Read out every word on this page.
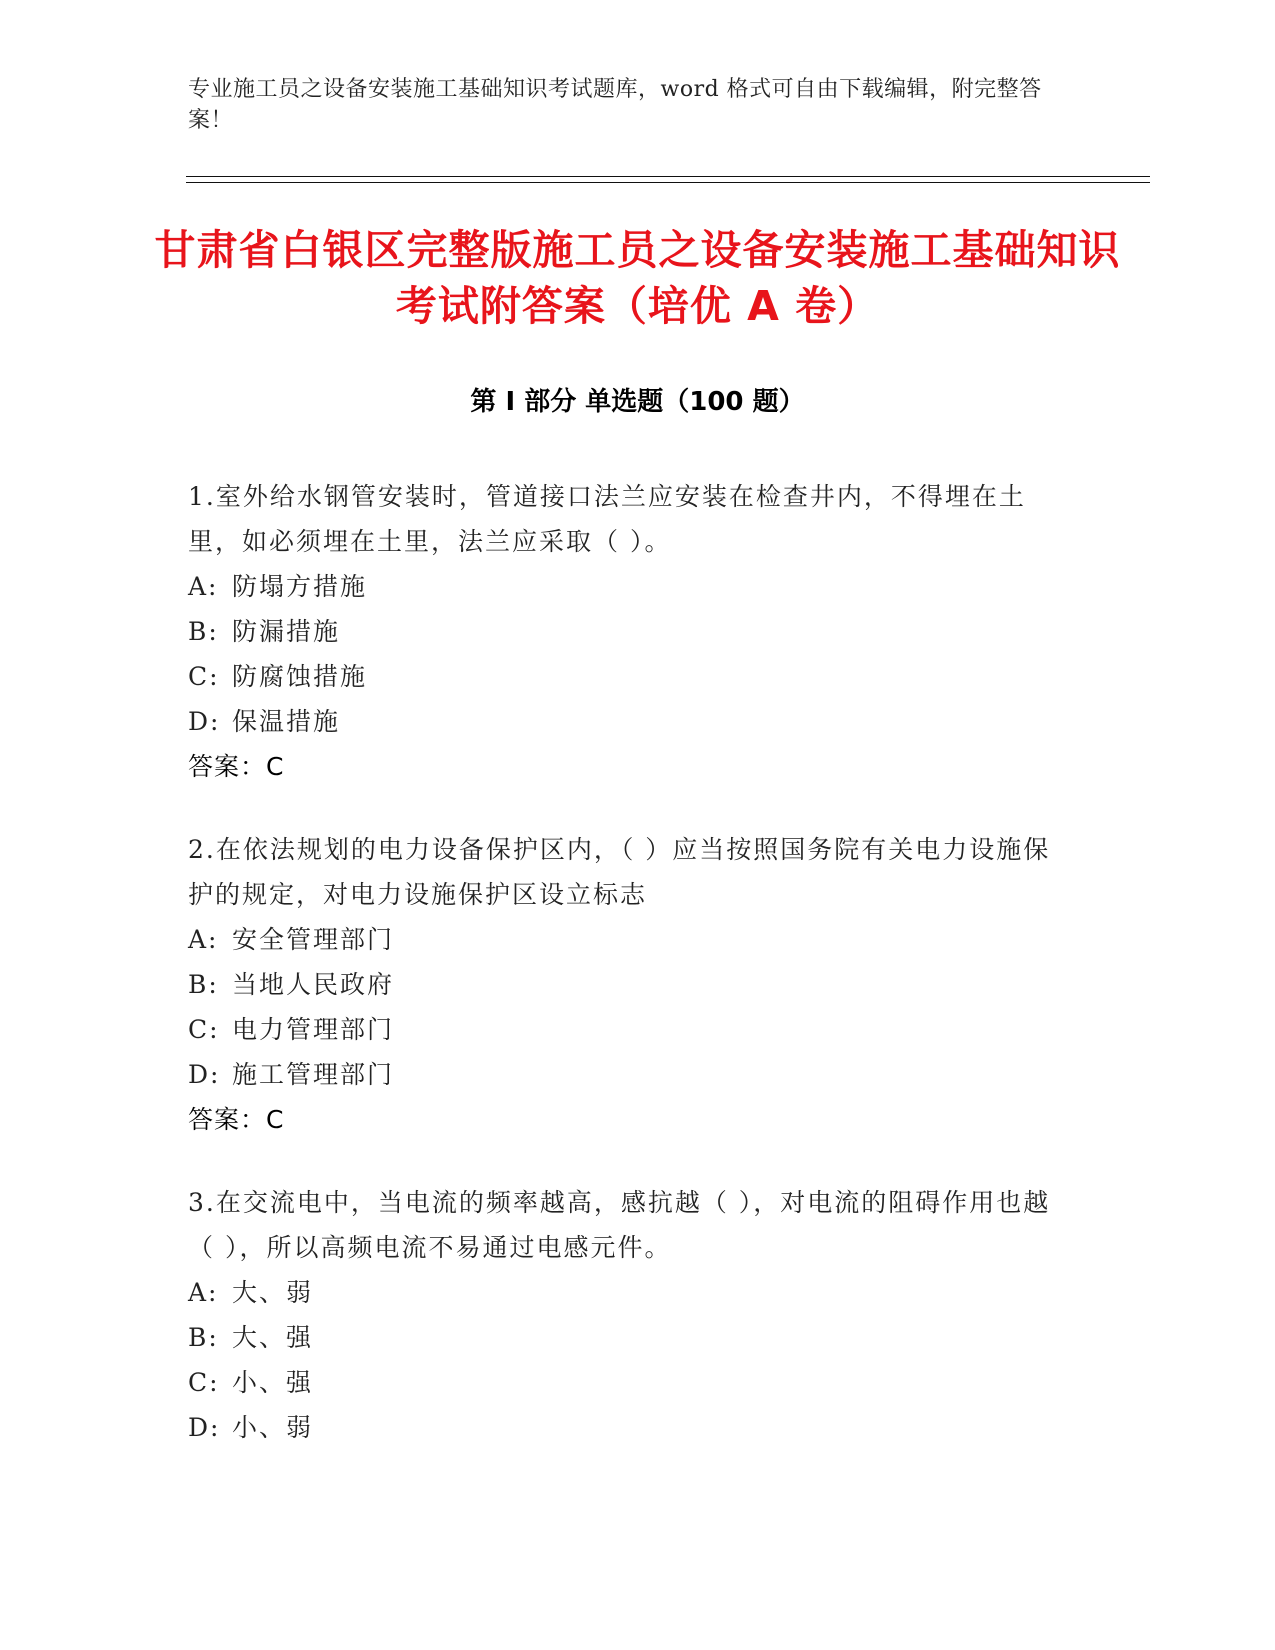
专业施工员之设备安装施工基础知识考试题库，word 格式可自由下载编辑，附完整答案！
甘肃省白银区完整版施工员之设备安装施工基础知识考试附答案（培优 A 卷）
第 I 部分 单选题（100 题）
1.室外给水钢管安装时，管道接口法兰应安装在检查井内，不得埋在土里，如必须埋在土里，法兰应采取（ ）。
A: 防塌方措施
B: 防漏措施
C: 防腐蚀措施
D: 保温措施
答案：C
2.在依法规划的电力设备保护区内，（ ）应当按照国务院有关电力设施保护的规定，对电力设施保护区设立标志
A: 安全管理部门
B: 当地人民政府
C: 电力管理部门
D: 施工管理部门
答案：C
3.在交流电中，当电流的频率越高，感抗越（ ），对电流的阻碍作用也越（ ），所以高频电流不易通过电感元件。
A: 大、弱
B: 大、强
C: 小、强
D: 小、弱
